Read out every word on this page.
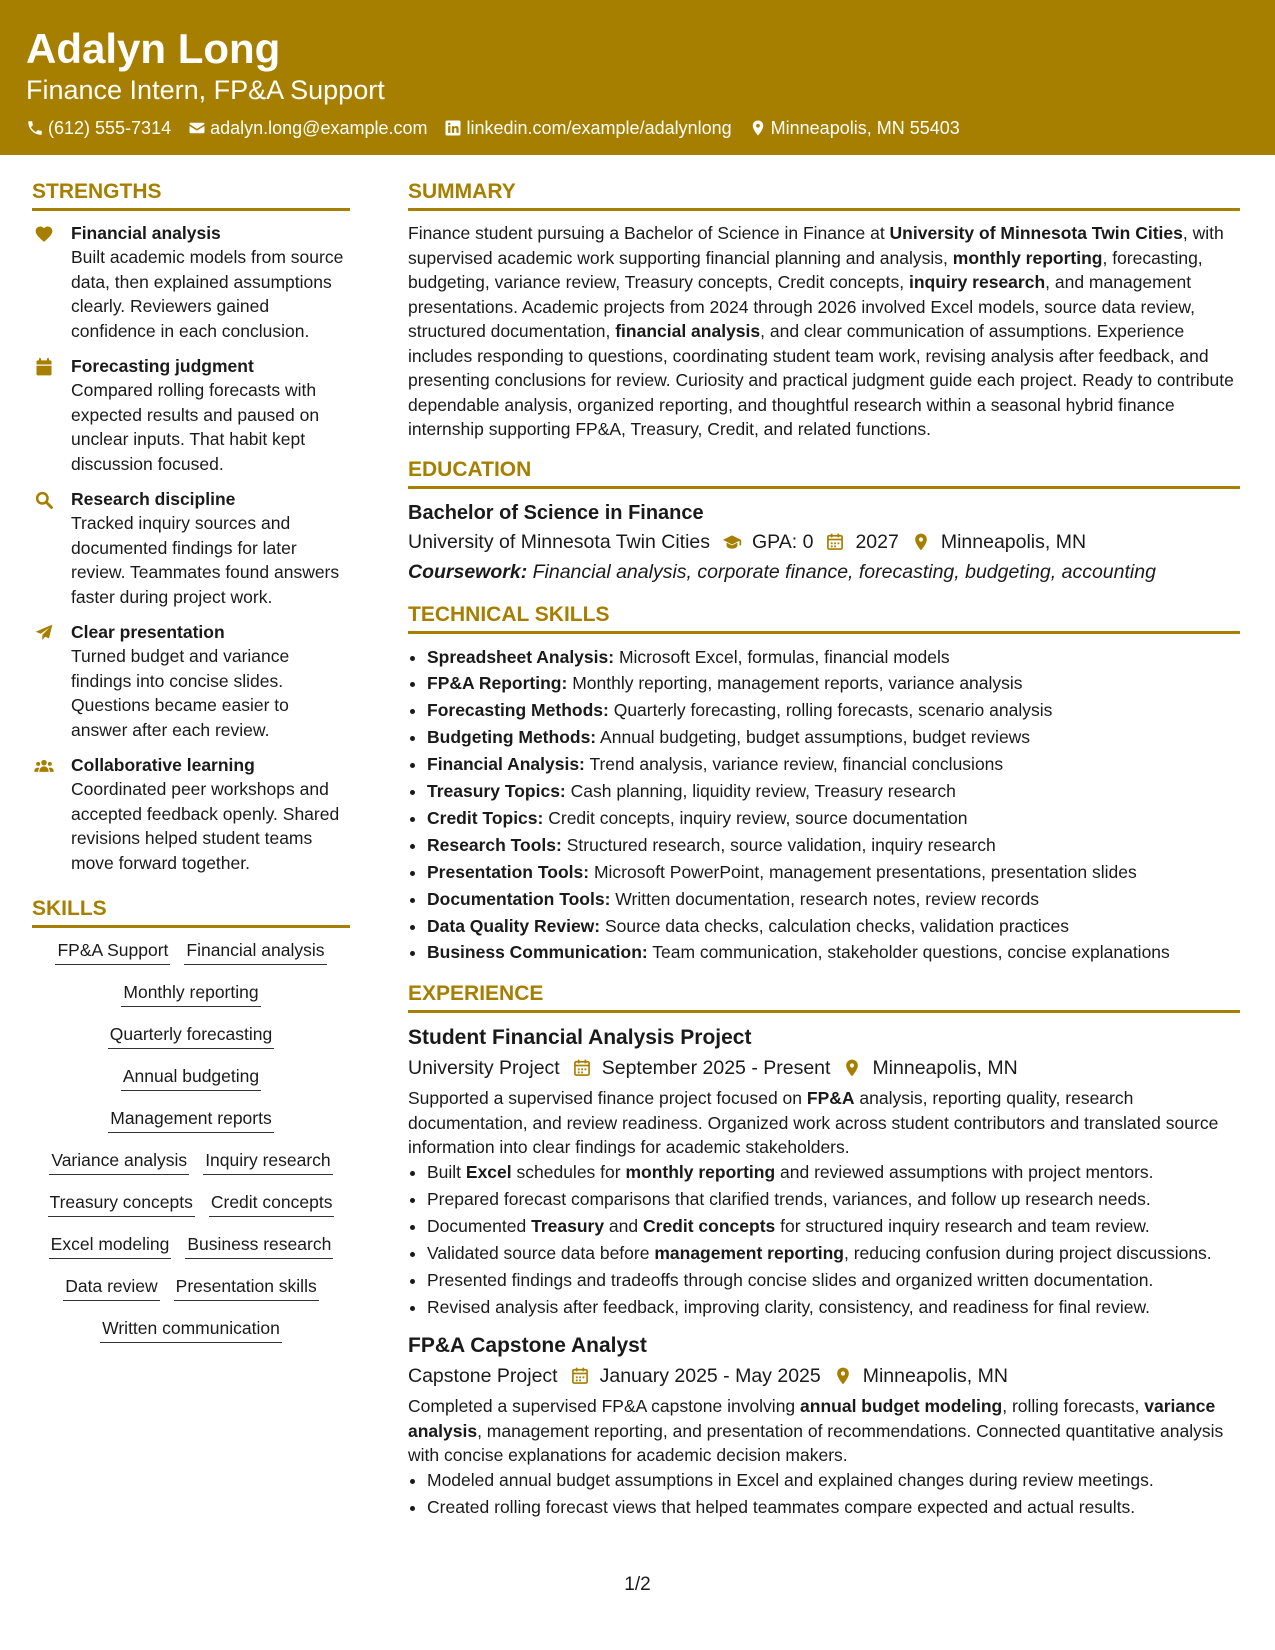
Adalyn Long
Finance Intern, FP&A Support
(612) 555-7314 adalyn.long@example.com linkedin.com/example/adalynlong Minneapolis, MN 55403
STRENGTHS
Financial analysis
Built academic models from source data, then explained assumptions clearly. Reviewers gained confidence in each conclusion.
Forecasting judgment
Compared rolling forecasts with expected results and paused on unclear inputs. That habit kept discussion focused.
Research discipline
Tracked inquiry sources and documented findings for later review. Teammates found answers faster during project work.
Clear presentation
Turned budget and variance findings into concise slides. Questions became easier to answer after each review.
Collaborative learning
Coordinated peer workshops and accepted feedback openly. Shared revisions helped student teams move forward together.
SKILLS
FP&A Support Financial analysis
Monthly reporting
Quarterly forecasting
Annual budgeting
Management reports
Variance analysis Inquiry research
Treasury concepts Credit concepts
Excel modeling Business research
Data review Presentation skills
Written communication
SUMMARY

Finance student pursuing a Bachelor of Science in Finance at University of Minnesota Twin Cities, with supervised academic work supporting financial planning and analysis, monthly reporting, forecasting, budgeting, variance review, Treasury concepts, Credit concepts, inquiry research, and management presentations. Academic projects from 2024 through 2026 involved Excel models, source data review, structured documentation, financial analysis, and clear communication of assumptions. Experience includes responding to questions, coordinating student team work, revising analysis after feedback, and presenting conclusions for review. Curiosity and practical judgment guide each project. Ready to contribute dependable analysis, organized reporting, and thoughtful research within a seasonal hybrid finance internship supporting FP&A, Treasury, Credit, and related functions.

EDUCATION
Bachelor of Science in Finance
University of Minnesota Twin Cities GPA: 0 2027 Minneapolis, MN
Coursework: Financial analysis, corporate finance, forecasting, budgeting, accounting
TECHNICAL SKILLS
• Spreadsheet Analysis: Microsoft Excel, formulas, financial models
• FP&A Reporting: Monthly reporting, management reports, variance analysis
• Forecasting Methods: Quarterly forecasting, rolling forecasts, scenario analysis
• Budgeting Methods: Annual budgeting, budget assumptions, budget reviews
• Financial Analysis: Trend analysis, variance review, financial conclusions
• Treasury Topics: Cash planning, liquidity review, Treasury research
• Credit Topics: Credit concepts, inquiry review, source documentation
• Research Tools: Structured research, source validation, inquiry research
• Presentation Tools: Microsoft PowerPoint, management presentations, presentation slides
• Documentation Tools: Written documentation, research notes, review records
• Data Quality Review: Source data checks, calculation checks, validation practices
• Business Communication: Team communication, stakeholder questions, concise explanations
EXPERIENCE
Student Financial Analysis Project
University Project September 2025 - Present Minneapolis, MN

Supported a supervised finance project focused on FP&A analysis, reporting quality, research documentation, and review readiness. Organized work across student contributors and translated source information into clear findings for academic stakeholders.

• Built Excel schedules for monthly reporting and reviewed assumptions with project mentors.
• Prepared forecast comparisons that clarified trends, variances, and follow up research needs.
• Documented Treasury and Credit concepts for structured inquiry research and team review.
• Validated source data before management reporting, reducing confusion during project discussions.
• Presented findings and tradeoffs through concise slides and organized written documentation.
• Revised analysis after feedback, improving clarity, consistency, and readiness for final review.
FP&A Capstone Analyst
Capstone Project January 2025 - May 2025 Minneapolis, MN

Completed a supervised FP&A capstone involving annual budget modeling, rolling forecasts, variance analysis, management reporting, and presentation of recommendations. Connected quantitative analysis with concise explanations for academic decision makers.

• Modeled annual budget assumptions in Excel and explained changes during review meetings.
• Created rolling forecast views that helped teammates compare expected and actual results.
1/2
